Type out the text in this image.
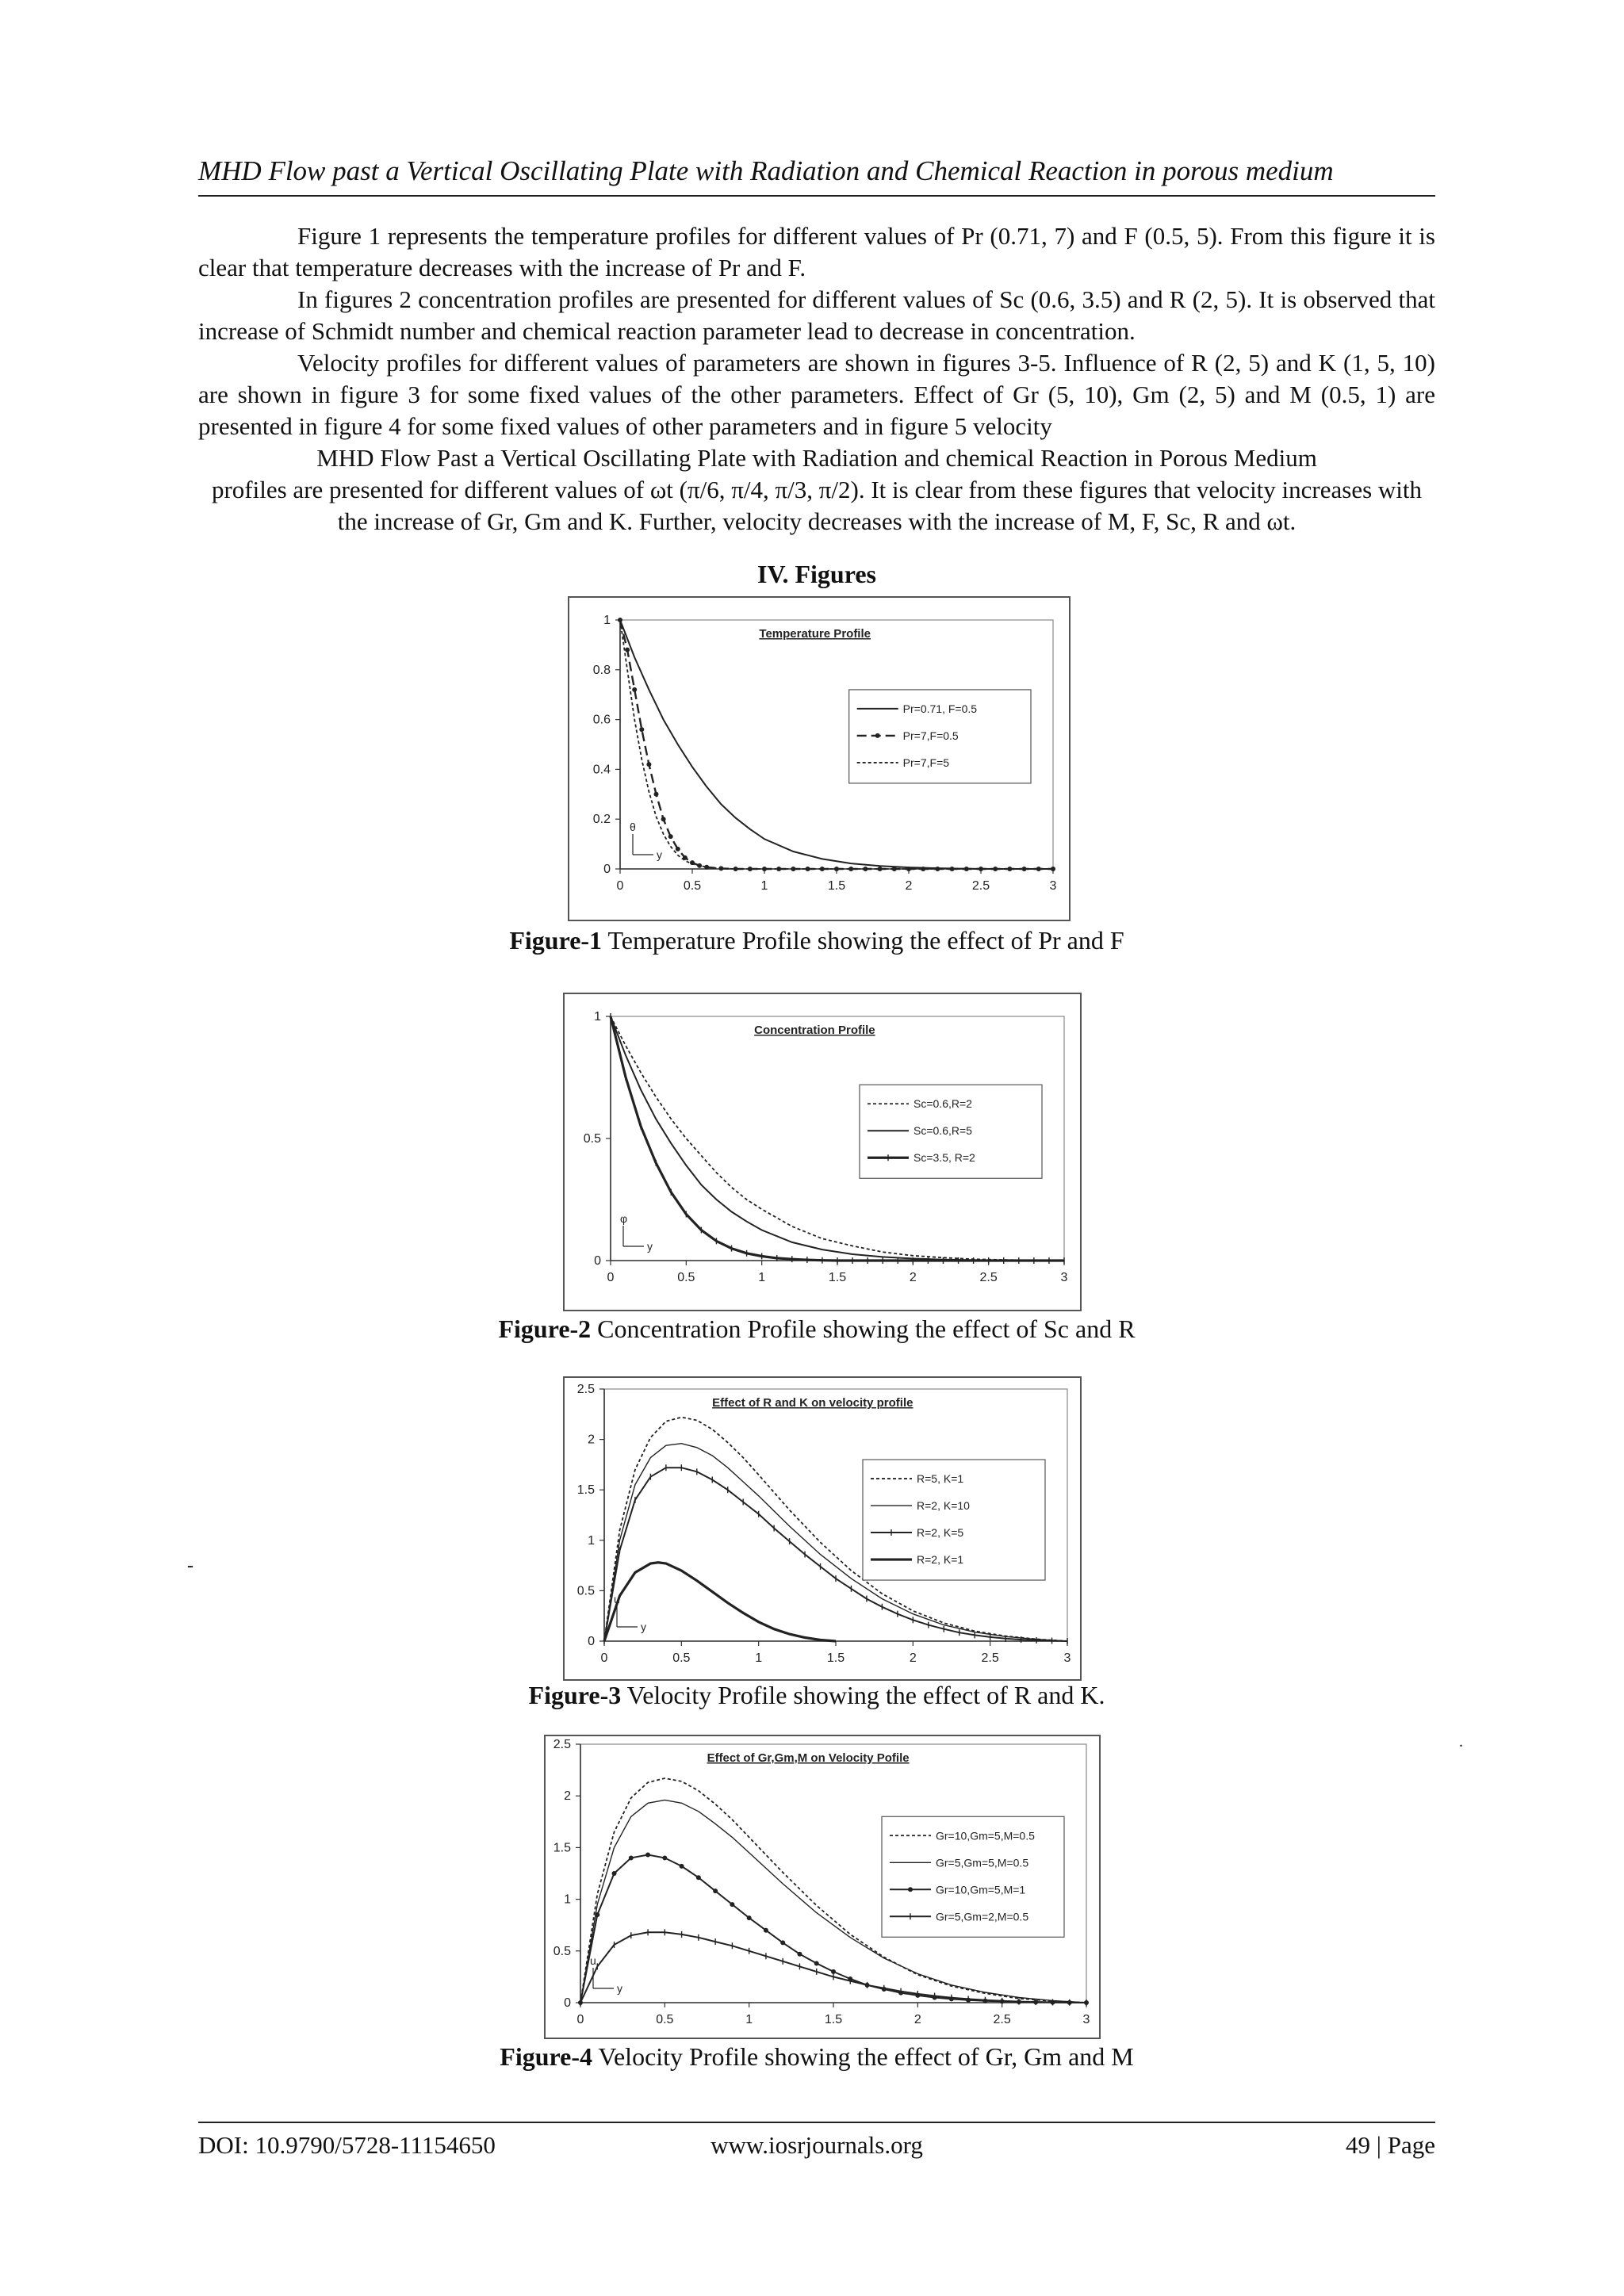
MHD Flow past a Vertical Oscillating Plate with Radiation and Chemical Reaction in porous medium

Figure 1 represents the temperature profiles for different values of Pr (0.71, 7) and F (0.5, 5). From this figure it is clear that temperature decreases with the increase of Pr and F.

In figures 2 concentration profiles are presented for different values of Sc (0.6, 3.5) and R (2, 5). It is observed that increase of Schmidt number and chemical reaction parameter lead to decrease in concentration.

Velocity profiles for different values of parameters are shown in figures 3-5. Influence of R (2, 5) and K (1, 5, 10) are shown in figure 3 for some fixed values of the other parameters. Effect of Gr (5, 10), Gm (2, 5) and M (0.5, 1) are presented in figure 4 for some fixed values of other parameters and in figure 5 velocity

MHD Flow Past a Vertical Oscillating Plate with Radiation and chemical Reaction in Porous Medium

profiles are presented for different values of ωt (π/6, π/4, π/3, π/2). It is clear from these figures that velocity increases with the increase of Gr, Gm and K. Further, velocity decreases with the increase of M, F, Sc, R and ωt.

IV. Figures
0	0.5	1	1.5	2	2.5	3
0
0.2
0.4
0.6
0.8
1
Temperature Profile
Pr=0.71, F=0.5
Pr=7,F=0.5
Pr=7,F=5
y
θ
Figure-1 Temperature Profile showing the effect of Pr and F
0	0.5	1	1.5	2	2.5	3
0
0.5
1
Concentration Profile
Sc=0.6,R=2
Sc=0.6,R=5
Sc=3.5, R=2
y
φ
Figure-2 Concentration Profile showing the effect of Sc and R
0	0.5	1	1.5	2	2.5	3
0
0.5
1
1.5
2
2.5
Effect of R and K on velocity profile
R=5, K=1
R=2, K=10
R=2, K=5
R=2, K=1
y
u
Figure-3 Velocity Profile showing the effect of R and K.
-
.
0	0.5	1	1.5	2	2.5	3
0
0.5
1
1.5
2
2.5
Effect of Gr,Gm,M on Velocity Pofile
Gr=10,Gm=5,M=0.5
Gr=5,Gm=5,M=0.5
Gr=10,Gm=5,M=1
Gr=5,Gm=2,M=0.5
y
u
Figure-4 Velocity Profile showing the effect of Gr, Gm and M
DOI: 10.9790/5728-11154650	www.iosrjournals.org	49 | Page
